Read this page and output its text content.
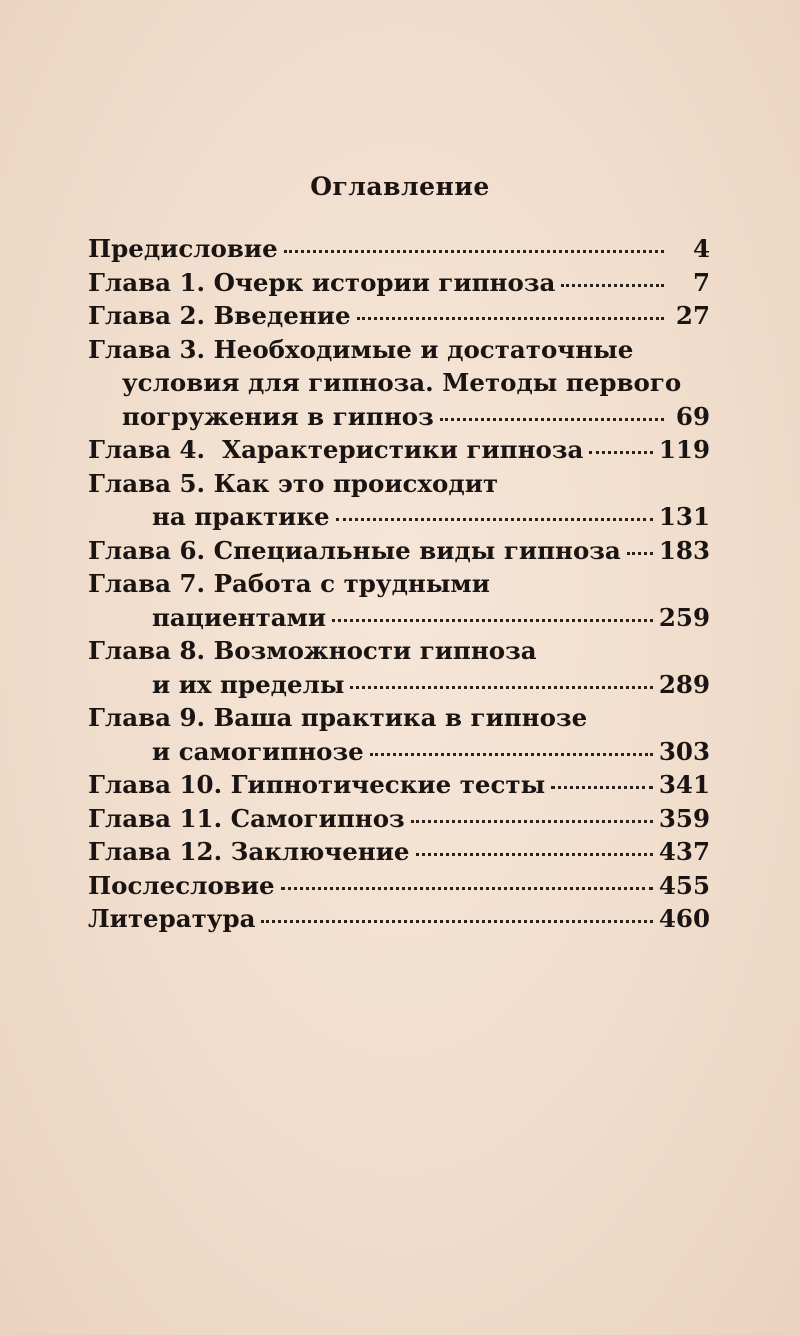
Оглавление
Предисловие	4
Глава 1. Очерк истории гипноза	7
Глава 2. Введение	27
Глава 3. Необходимые и достаточные
условия для гипноза. Методы первого
погружения в гипноз	69
Глава 4.  Характеристики гипноза	119
Глава 5. Как это происходит
на практике	131
Глава 6. Специальные виды гипноза 183
Глава 7. Работа с трудными
пациентами	259
Глава 8. Возможности гипноза
и их пределы	289
Глава 9. Ваша практика в гипнозе
и самогипнозе	303
Глава 10. Гипнотические тесты	341
Глава 11. Самогипноз	359
Глава 12. Заключение	437
Послесловие	455
Литература	460
